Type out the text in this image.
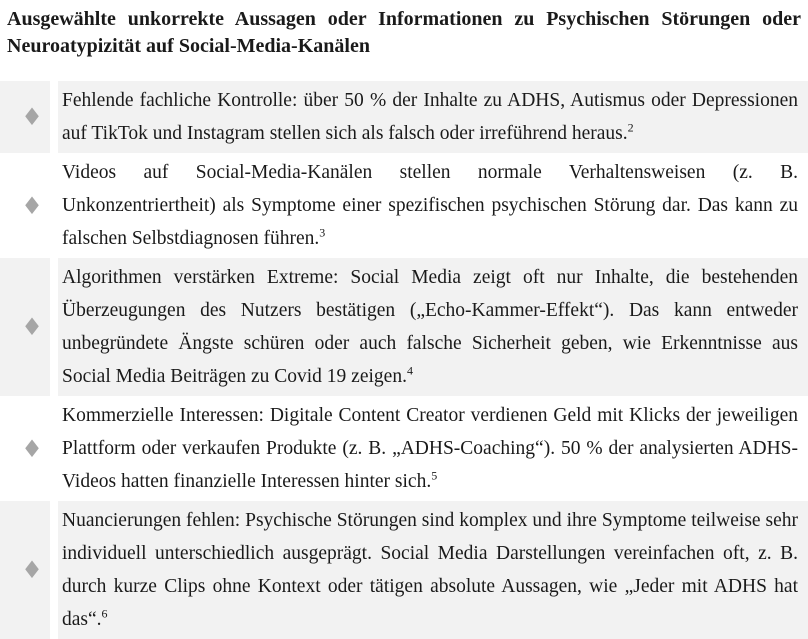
Ausgewählte unkorrekte Aussagen oder Informationen zu Psychischen Störungen oder Neuroatypizität auf Social-Media-Kanälen
♦
Fehlende fachliche Kontrolle: über 50 % der Inhalte zu ADHS, Autismus oder Depressionen auf TikTok und Instagram stellen sich als falsch oder irreführend heraus.$^2$
♦
Videos auf Social-Media-Kanälen stellen normale Verhaltensweisen (z. B. Unkonzentriertheit) als Symptome einer spezifischen psychischen Störung dar. Das kann zu falschen Selbstdiagnosen führen.$^3$
♦
Algorithmen verstärken Extreme: Social Media zeigt oft nur Inhalte, die bestehenden Überzeugungen des Nutzers bestätigen („Echo-Kammer-Effekt“). Das kann entweder unbegründete Ängste schüren oder auch falsche Sicherheit geben, wie Erkenntnisse aus Social Media Beiträgen zu Covid 19 zeigen.$^4$
♦
Kommerzielle Interessen: Digitale Content Creator verdienen Geld mit Klicks der jeweiligen Plattform oder verkaufen Produkte (z. B. „ADHS-Coaching“). 50 % der analysierten ADHS-Videos hatten finanzielle Interessen hinter sich.$^5$
♦
Nuancierungen fehlen: Psychische Störungen sind komplex und ihre Symptome teilweise sehr individuell unterschiedlich ausgeprägt. Social Media Darstellungen vereinfachen oft, z. B. durch kurze Clips ohne Kontext oder tätigen absolute Aussagen, wie „Jeder mit ADHS hat das“.$^6$
